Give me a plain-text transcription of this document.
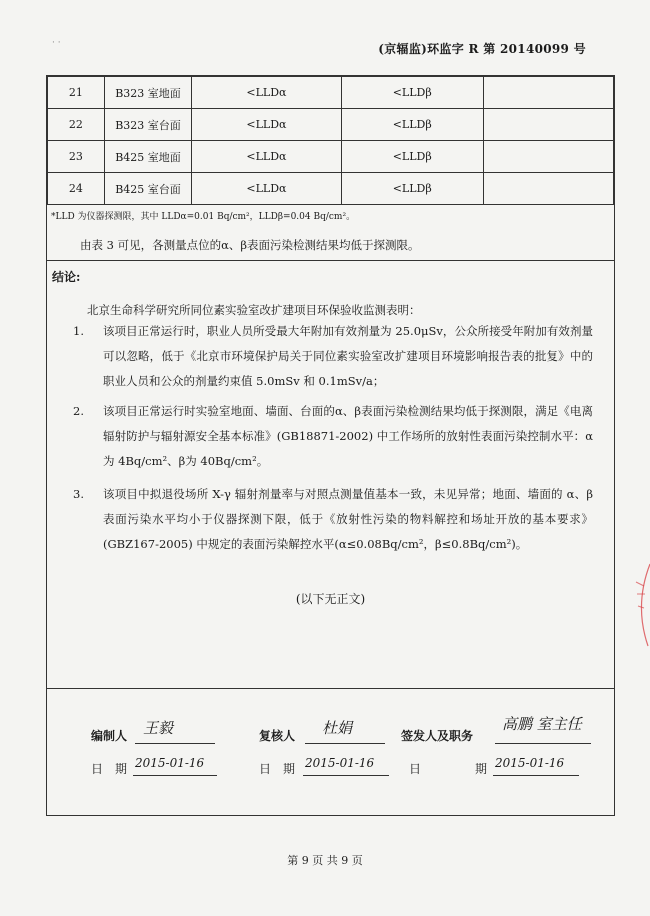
· ·	(京辐监)环监字 R 第 20140099 号
21	B323 室地面	<LLDα	<LLDβ	
22	B323 室台面	<LLDα	<LLDβ	
23	B425 室地面	<LLDα	<LLDβ	
24	B425 室台面	<LLDα	<LLDβ	
*LLD 为仪器探测限，其中 LLDα=0.01 Bq/cm²，LLDβ=0.04 Bq/cm²。
由表 3 可见，各测量点位的α、β表面污染检测结果均低于探测限。
结论:
北京生命科学研究所同位素实验室改扩建项目环保验收监测表明：
1.	该项目正常运行时，职业人员所受最大年附加有效剂量为 25.0μSv，公众所接受年附加有效剂量可以忽略，低于《北京市环境保护局关于同位素实验室改扩建项目环境影响报告表的批复》中的职业人员和公众的剂量约束值 5.0mSv 和 0.1mSv/a；
2.	该项目正常运行时实验室地面、墙面、台面的α、β表面污染检测结果均低于探测限，满足《电离辐射防护与辐射源安全基本标准》(GB18871-2002) 中工作场所的放射性表面污染控制水平：α为 4Bq/cm²、β为 40Bq/cm²。
3.	该项目中拟退役场所 X-γ 辐射剂量率与对照点测量值基本一致，未见异常；地面、墙面的 α、β表面污染水平均小于仪器探测下限，低于《放射性污染的物料解控和场址开放的基本要求》(GBZ167-2005) 中规定的表面污染解控水平(α≤0.08Bq/cm²，β≤0.8Bq/cm²)。
(以下无正文)
编制人 王毅	复核人 杜娟	签发人及职务
高鹏 室主任
日　期 2015-01-16	日　期 2015-01-16	日	期 2015-01-16
第 9 页 共 9 页
